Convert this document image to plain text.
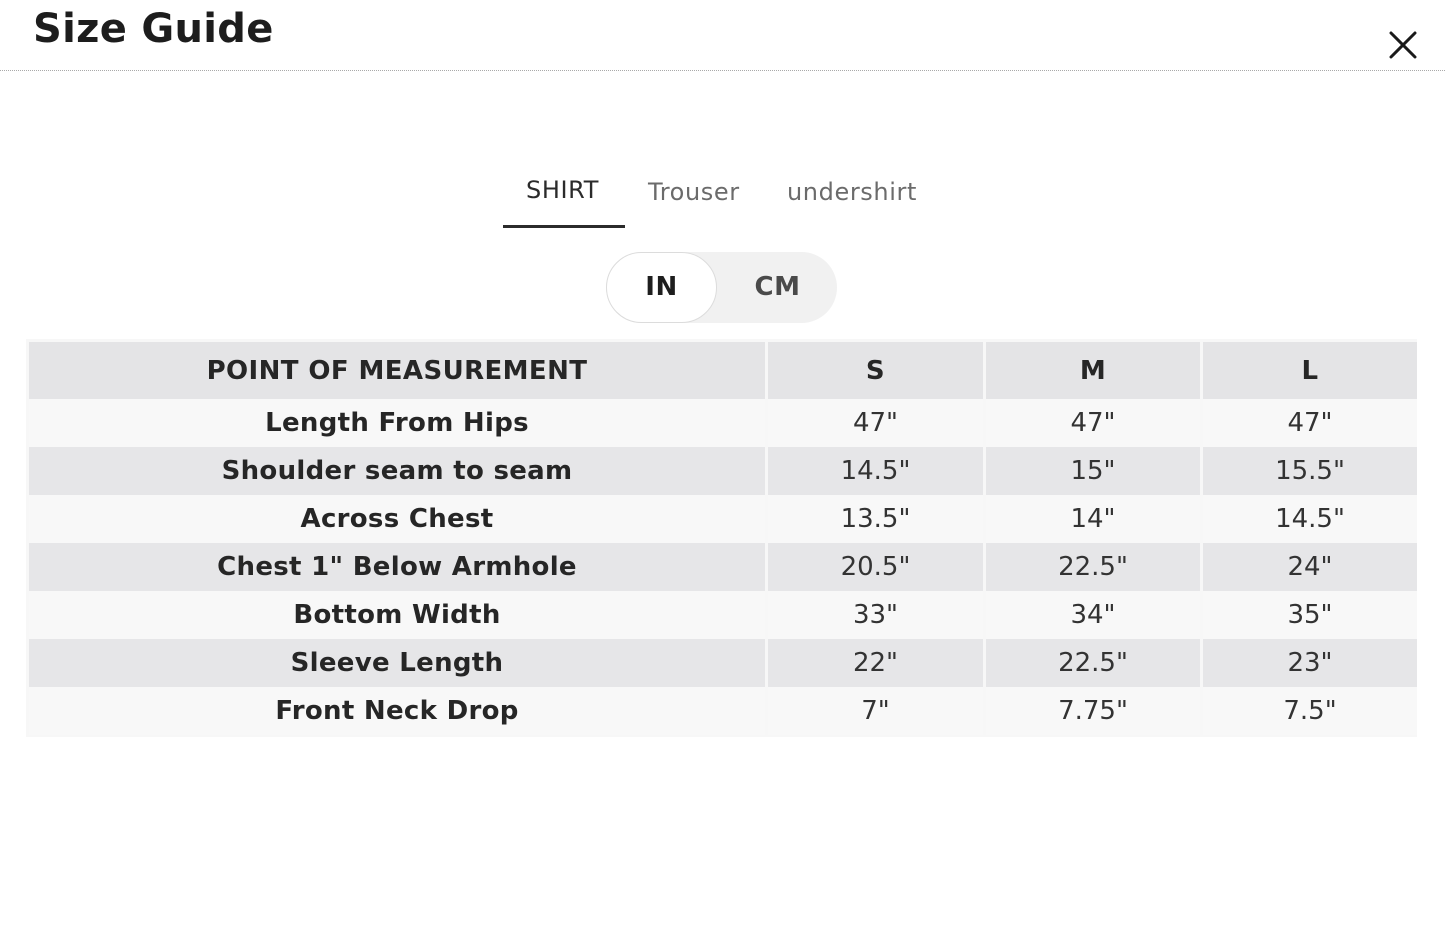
Size Guide
SHIRT Trouser undershirt
IN	CM
POINT OF MEASUREMENT	S	M	L
Length From Hips	47"	47"	47"
Shoulder seam to seam	14.5"	15"	15.5"
Across Chest	13.5"	14"	14.5"
Chest 1" Below Armhole	20.5"	22.5"	24"
Bottom Width	33"	34"	35"
Sleeve Length	22"	22.5"	23"
Front Neck Drop	7"	7.75"	7.5"
